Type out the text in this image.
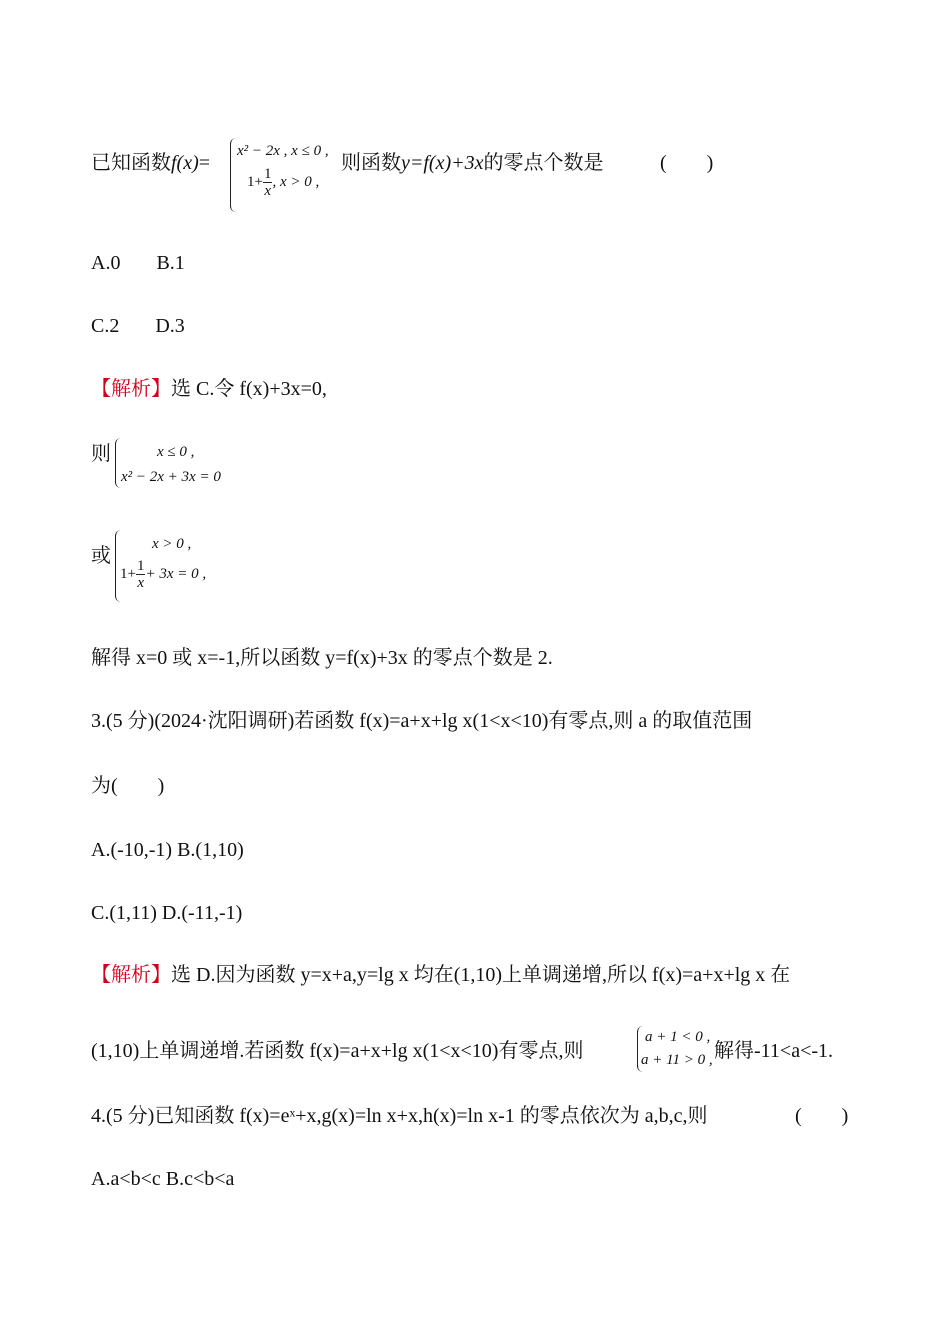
已知函数f(x)=
x² − 2x , x ≤ 0 ,
$1+ \frac{1}{x}$ , x > 0 ,
则函数y=f(x)+3x的零点个数是	(　　)
A.0 B.1
C.2 D.3
【解析】选 C.令 f(x)+3x=0,
则	x ≤ 0 ,
x² − 2x + 3x = 0
或
x > 0 ,
$1+ \frac{1}{x} + 3x = 0$ ,
解得 x=0 或 x=-1,所以函数 y=f(x)+3x 的零点个数是 2.
3.(5 分)(2024·沈阳调研)若函数 f(x)=a+x+lg x(1<x<10)有零点,则 a 的取值范围
为(　　)
A.(-10,-1) B.(1,10)
C.(1,11) D.(-11,-1)
【解析】选 D.因为函数 y=x+a,y=lg x 均在(1,10)上单调递增,所以 f(x)=a+x+lg x 在
(1,10)上单调递增.若函数 f(x)=a+x+lg x(1<x<10)有零点,则
a + 1 < 0 ,
a + 11 > 0 , 解得-11<a<-1.
4.(5 分)已知函数 f(x)=eˣ+x,g(x)=ln x+x,h(x)=ln x-1 的零点依次为 a,b,c,则	(　　)
A.a<b<c B.c<b<a
